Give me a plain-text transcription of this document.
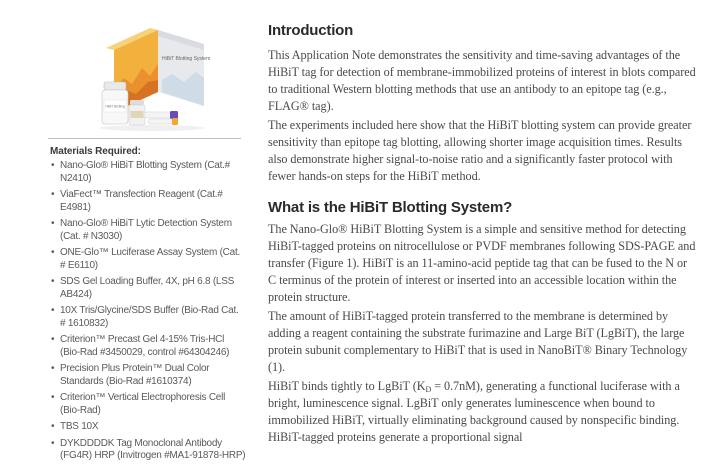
HiBiT Blotting System
HiBiT Blotting
Materials Required:
• Nano-Glo® HiBiT Blotting System (Cat.# N2410)
• ViaFect™ Transfection Reagent (Cat.# E4981)
• Nano-Glo® HiBiT Lytic Detection System (Cat. # N3030)
• ONE-Glo™ Luciferase Assay System (Cat. # E6110)
• SDS Gel Loading Buffer, 4X, pH 6.8 (LSS AB424)
• 10X Tris/Glycine/SDS Buffer (Bio-Rad Cat. # 1610832)
• Criterion™ Precast Gel 4-15% Tris-HCl (Bio-Rad #3450029, control #64304246)
• Precision Plus Protein™ Dual Color Standards (Bio-Rad #1610374)
• Criterion™ Vertical Electrophoresis Cell (Bio-Rad)
• TBS 10X
• DYKDDDDK Tag Monoclonal Antibody (FG4R) HRP (Invitrogen #MA1-91878-HRP)
Introduction

This Application Note demonstrates the sensitivity and time-saving advantages of the HiBiT tag for detection of membrane-immobilized proteins of interest in blots compared to traditional Western blotting methods that use an antibody to an epitope tag (e.g., FLAG® tag).

The experiments included here show that the HiBiT blotting system can provide greater sensitivity than epitope tag blotting, allowing shorter image acquisition times. Results also demonstrate higher signal-to-noise ratio and a significantly faster protocol with fewer hands-on steps for the HiBiT method.

What is the HiBiT Blotting System?

The Nano-Glo® HiBiT Blotting System is a simple and sensitive method for detecting HiBiT-tagged proteins on nitrocellulose or PVDF membranes following SDS-PAGE and transfer (Figure 1). HiBiT is an 11-amino-acid peptide tag that can be fused to the N or C terminus of the protein of interest or inserted into an accessible location within the protein structure.

The amount of HiBiT-tagged protein transferred to the membrane is determined by adding a reagent containing the substrate furimazine and Large BiT (LgBiT), the large protein subunit complementary to HiBiT that is used in NanoBiT® Binary Technology (1).

HiBiT binds tightly to LgBiT $(K_D = 0.7nM)$, generating a functional luciferase with a bright, luminescence signal. LgBiT only generates luminescence when bound to immobilized HiBiT, virtually eliminating background caused by nonspecific binding. HiBiT-tagged proteins generate a proportional signal
